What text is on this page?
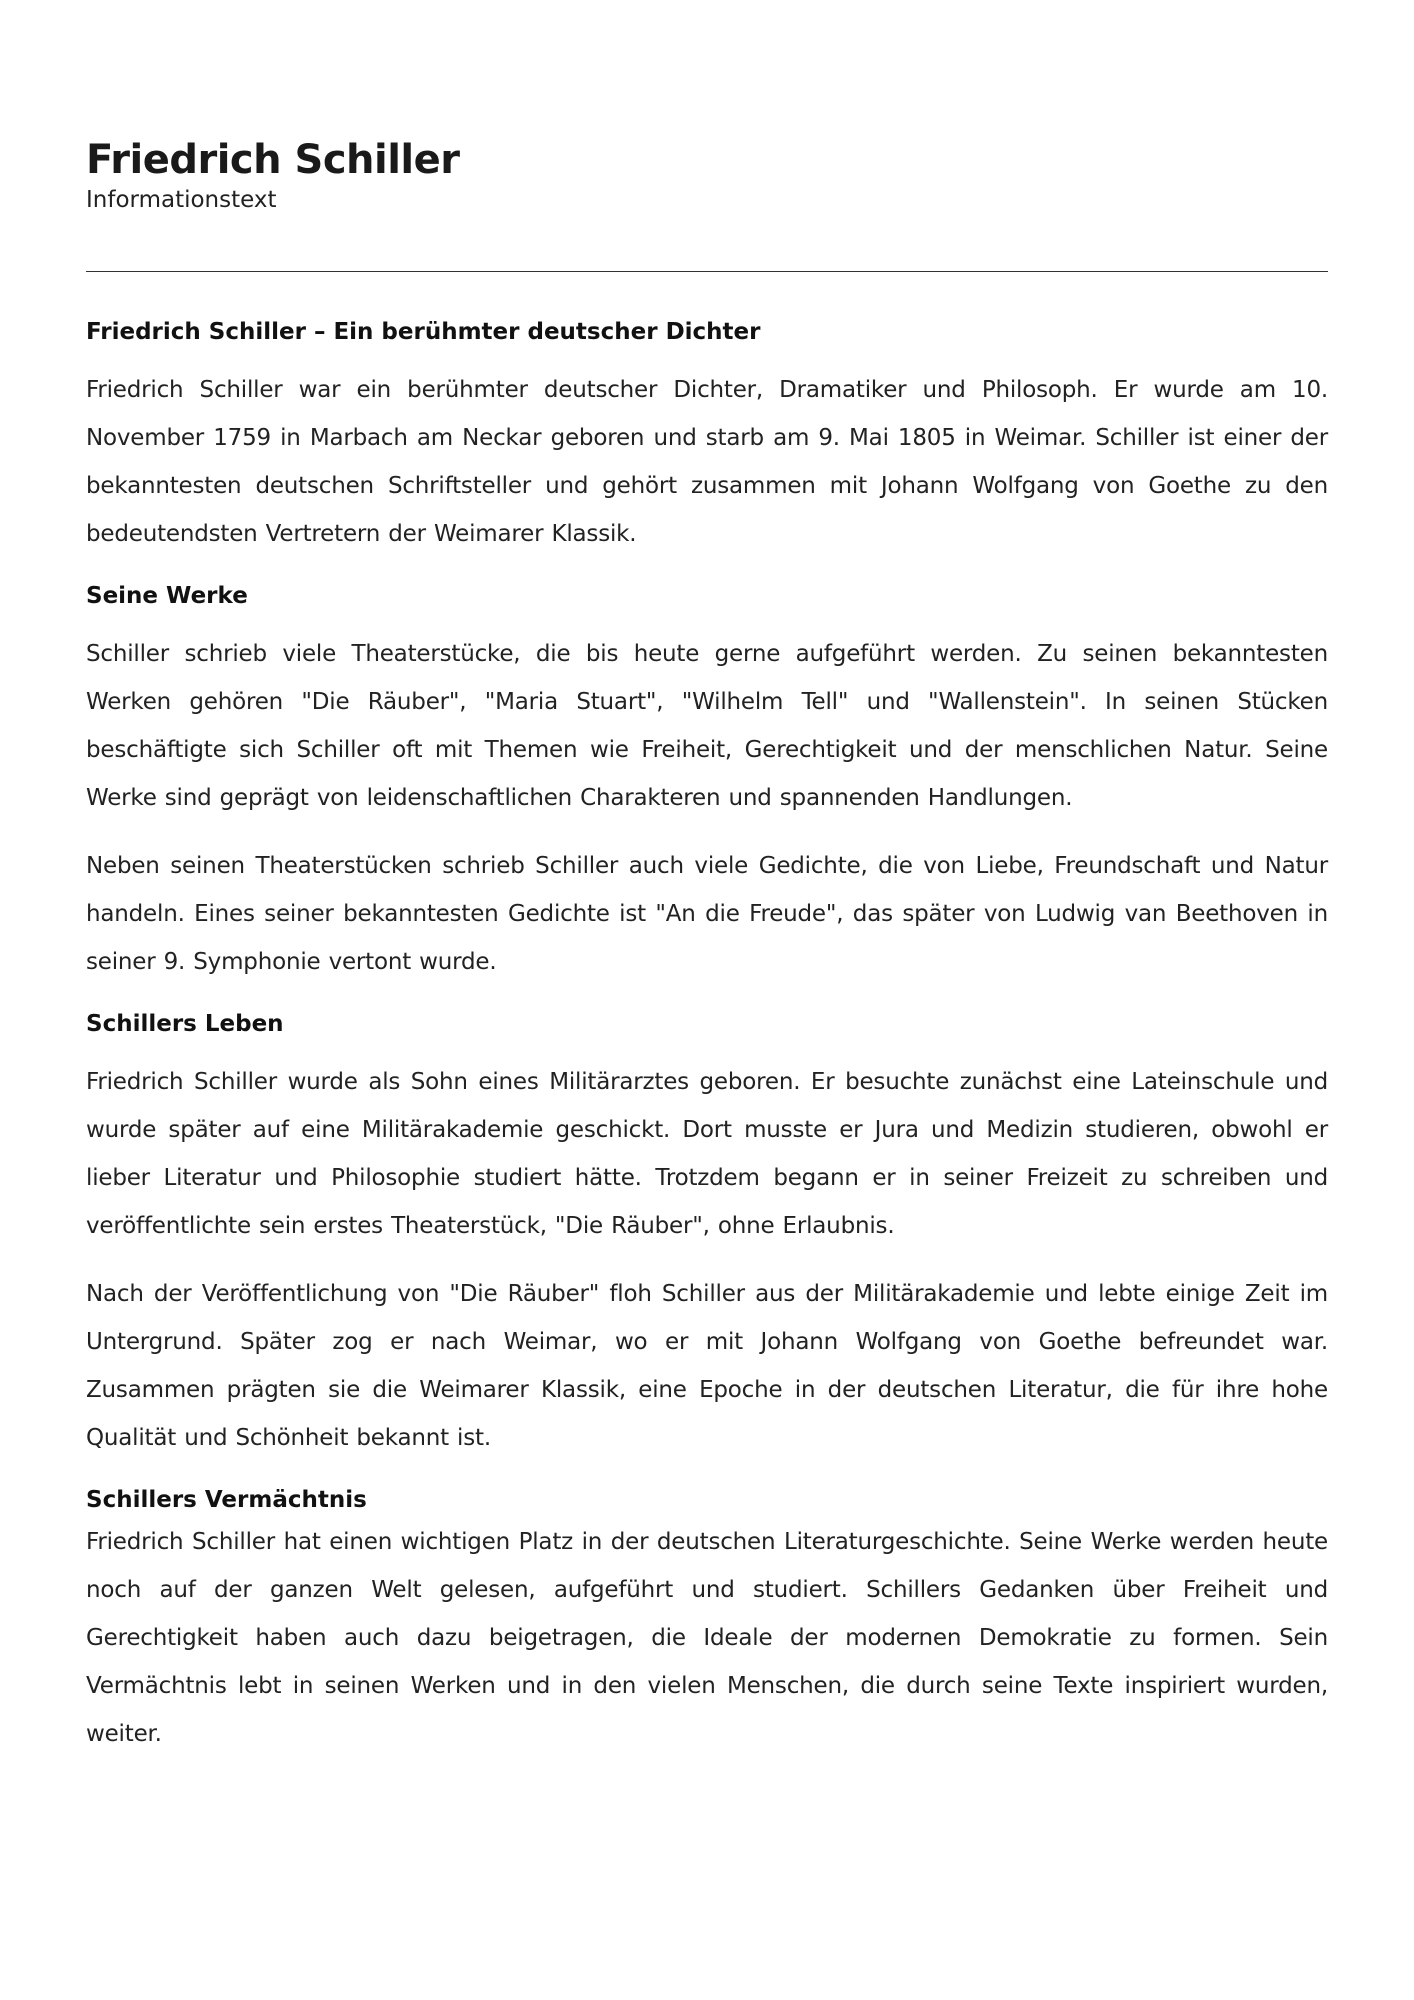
Friedrich Schiller

Informationstext

Friedrich Schiller – Ein berühmter deutscher Dichter

Friedrich Schiller war ein berühmter deutscher Dichter, Dramatiker und Philosoph. Er wurde am 10. November 1759 in Marbach am Neckar geboren und starb am 9. Mai 1805 in Weimar. Schiller ist einer der bekanntesten deutschen Schriftsteller und gehört zusammen mit Johann Wolfgang von Goethe zu den bedeutendsten Vertretern der Weimarer Klassik.

Seine Werke

Schiller schrieb viele Theaterstücke, die bis heute gerne aufgeführt werden. Zu seinen bekanntesten Werken gehören "Die Räuber", "Maria Stuart", "Wilhelm Tell" und "Wallenstein". In seinen Stücken beschäftigte sich Schiller oft mit Themen wie Freiheit, Gerechtigkeit und der menschlichen Natur. Seine Werke sind geprägt von leidenschaftlichen Charakteren und spannenden Handlungen.

Neben seinen Theaterstücken schrieb Schiller auch viele Gedichte, die von Liebe, Freundschaft und Natur handeln. Eines seiner bekanntesten Gedichte ist "An die Freude", das später von Ludwig van Beethoven in seiner 9. Symphonie vertont wurde.

Schillers Leben

Friedrich Schiller wurde als Sohn eines Militärarztes geboren. Er besuchte zunächst eine Lateinschule und wurde später auf eine Militärakademie geschickt. Dort musste er Jura und Medizin studieren, obwohl er lieber Literatur und Philosophie studiert hätte. Trotzdem begann er in seiner Freizeit zu schreiben und veröffentlichte sein erstes Theaterstück, "Die Räuber", ohne Erlaubnis.

Nach der Veröffentlichung von "Die Räuber" floh Schiller aus der Militärakademie und lebte einige Zeit im Untergrund. Später zog er nach Weimar, wo er mit Johann Wolfgang von Goethe befreundet war. Zusammen prägten sie die Weimarer Klassik, eine Epoche in der deutschen Literatur, die für ihre hohe Qualität und Schönheit bekannt ist.

Schillers Vermächtnis

Friedrich Schiller hat einen wichtigen Platz in der deutschen Literaturgeschichte. Seine Werke werden heute noch auf der ganzen Welt gelesen, aufgeführt und studiert. Schillers Gedanken über Freiheit und Gerechtigkeit haben auch dazu beigetragen, die Ideale der modernen Demokratie zu formen. Sein Vermächtnis lebt in seinen Werken und in den vielen Menschen, die durch seine Texte inspiriert wurden, weiter.
